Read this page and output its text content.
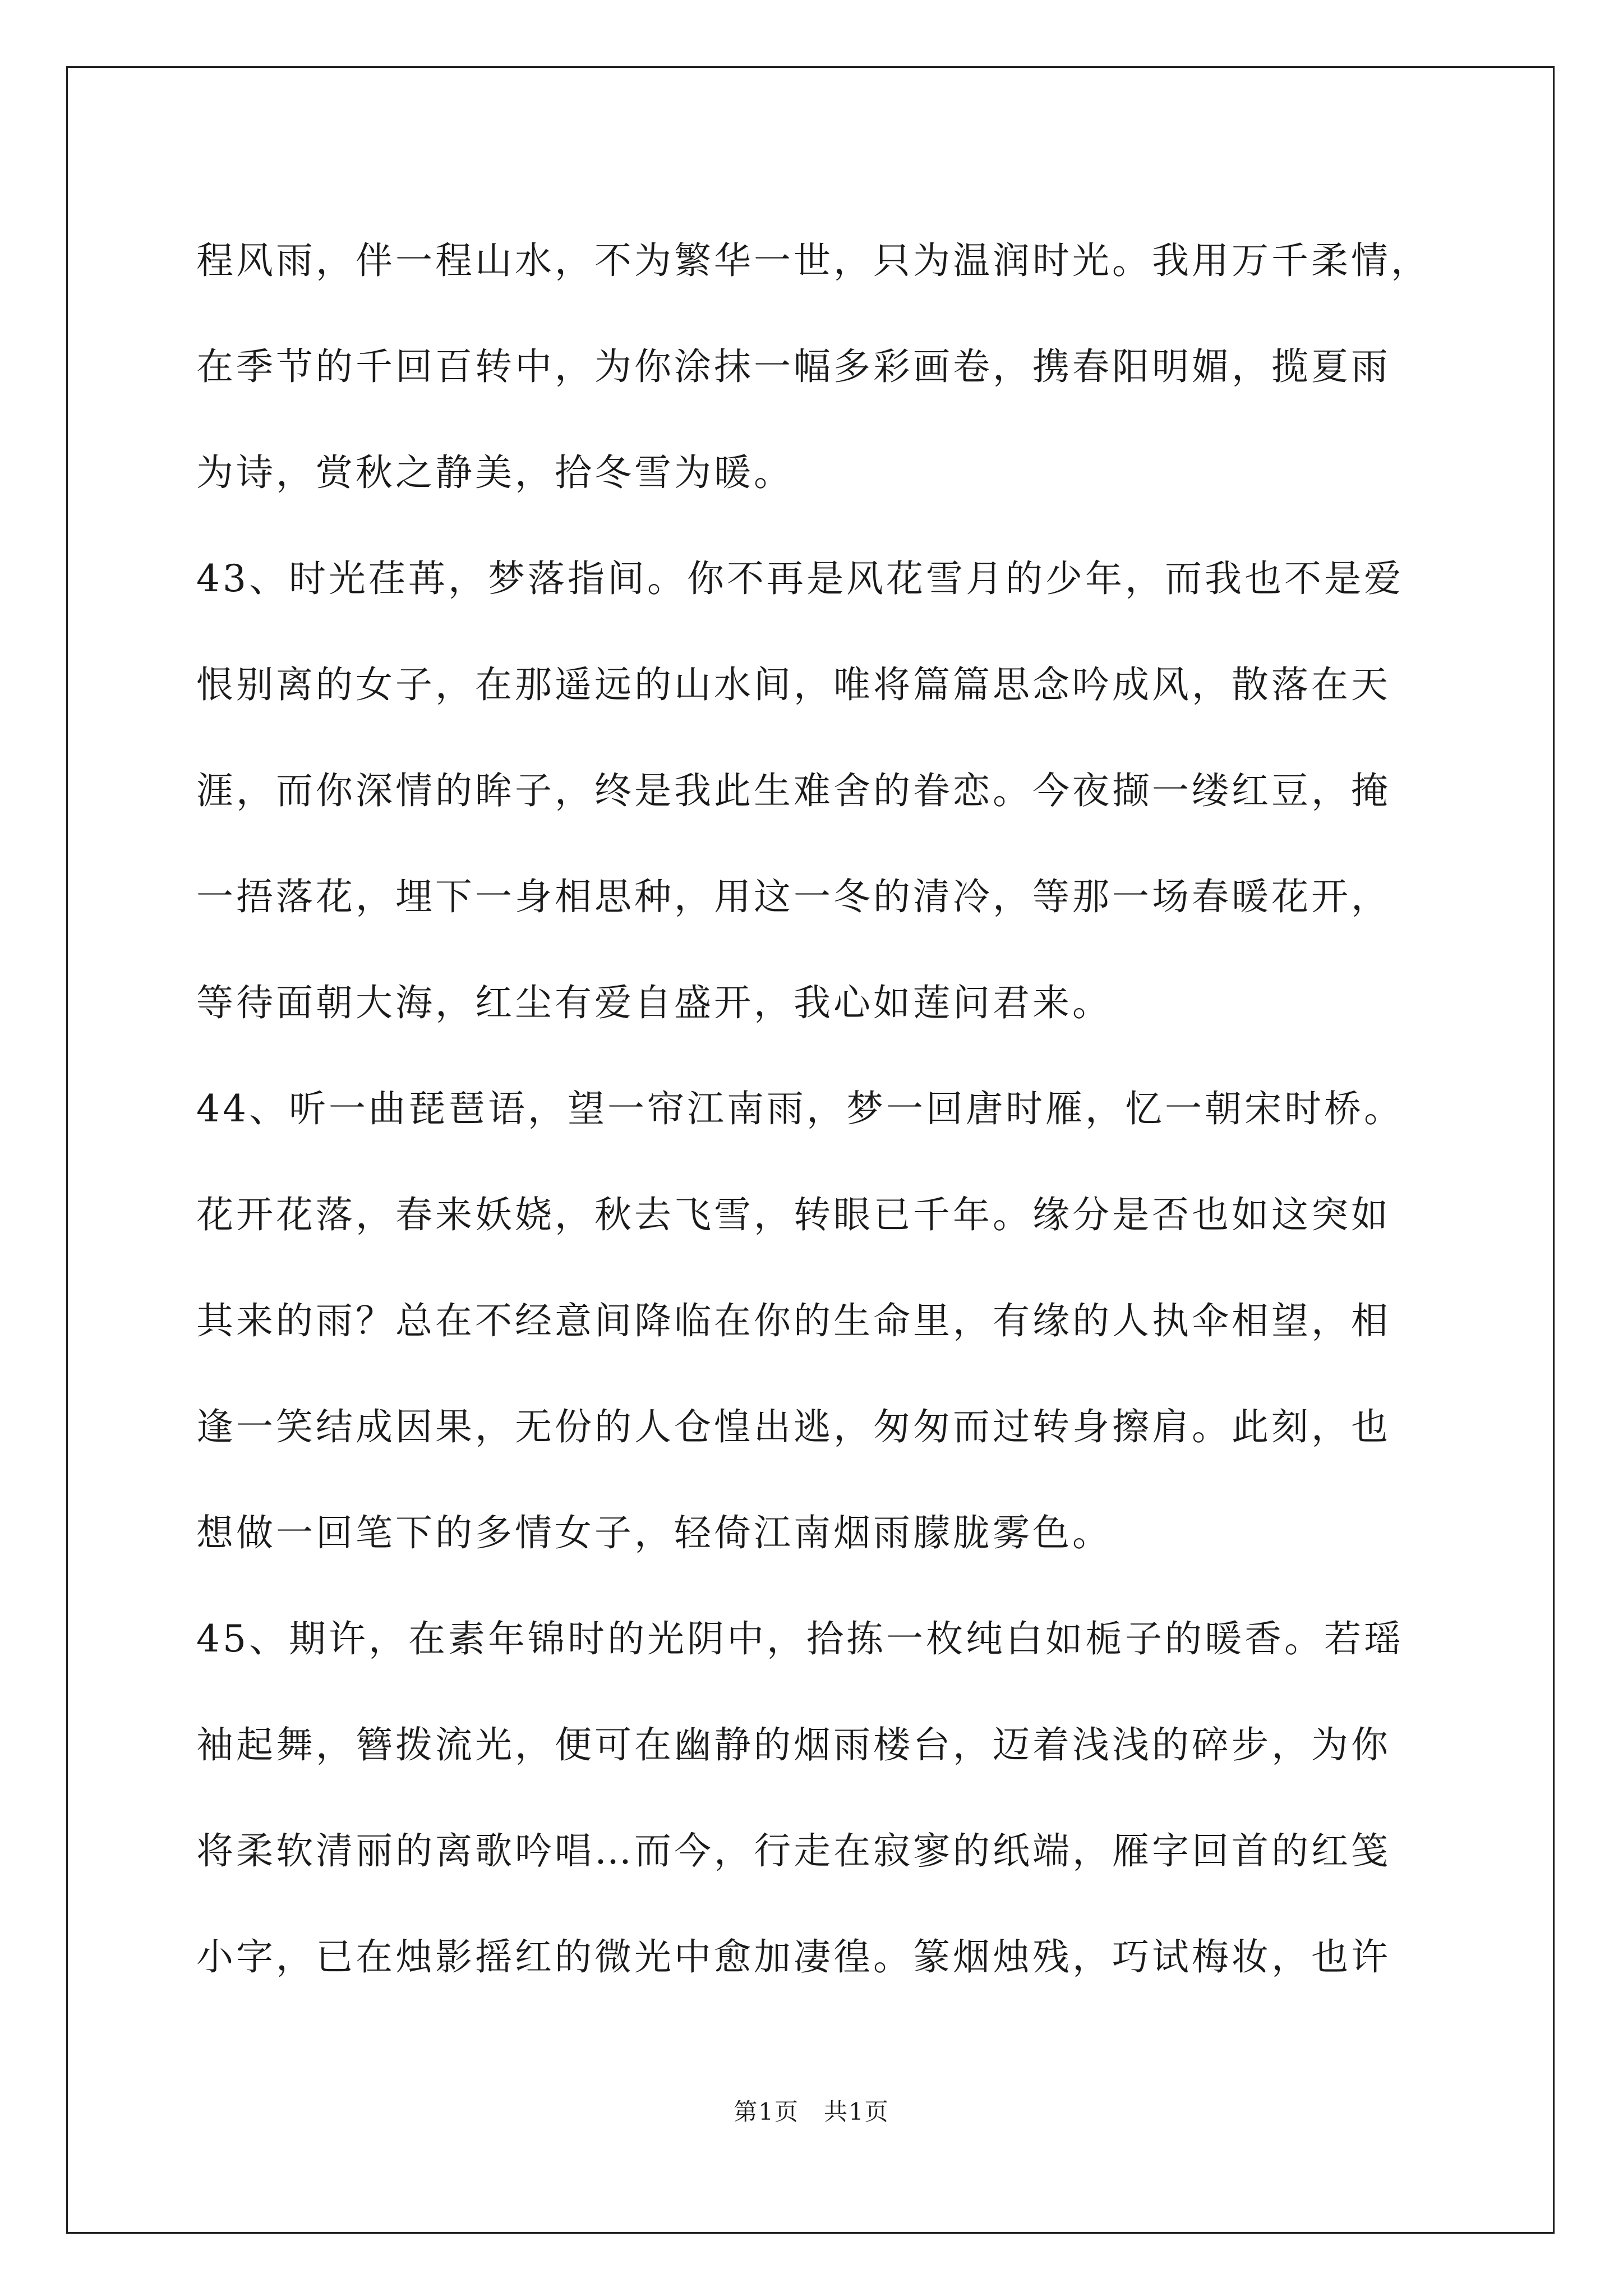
程风雨，伴一程山水，不为繁华一世，只为温润时光。我用万千柔情，
在季节的千回百转中，为你涂抹一幅多彩画卷，携春阳明媚，揽夏雨
为诗，赏秋之静美，拾冬雪为暖。
43、时光荏苒，梦落指间。你不再是风花雪月的少年，而我也不是爱
恨别离的女子，在那遥远的山水间，唯将篇篇思念吟成风，散落在天
涯，而你深情的眸子，终是我此生难舍的眷恋。今夜撷一缕红豆，掩
一捂落花，埋下一身相思种，用这一冬的清冷，等那一场春暖花开，
等待面朝大海，红尘有爱自盛开，我心如莲问君来。
44、听一曲琵琶语，望一帘江南雨，梦一回唐时雁，忆一朝宋时桥。
花开花落，春来妖娆，秋去飞雪，转眼已千年。缘分是否也如这突如
其来的雨？总在不经意间降临在你的生命里，有缘的人执伞相望，相
逢一笑结成因果，无份的人仓惶出逃，匆匆而过转身擦肩。此刻，也
想做一回笔下的多情女子，轻倚江南烟雨朦胧雾色。
45、期许，在素年锦时的光阴中，拾拣一枚纯白如栀子的暖香。若瑶
袖起舞，簪拨流光，便可在幽静的烟雨楼台，迈着浅浅的碎步，为你
将柔软清丽的离歌吟唱…而今，行走在寂寥的纸端，雁字回首的红笺
小字，已在烛影摇红的微光中愈加凄徨。篆烟烛残，巧试梅妆，也许
第1页　共1页
